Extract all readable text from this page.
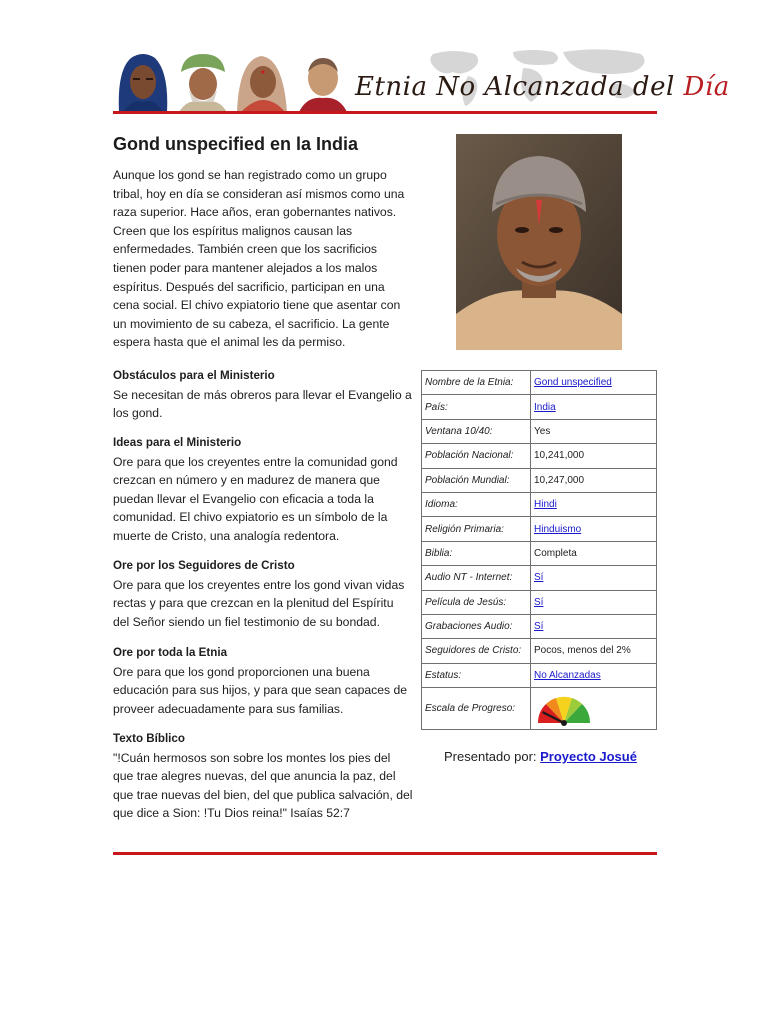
Etnia No Alcanzada del Día
Gond unspecified en la India

Aunque los gond se han registrado como un grupo tribal, hoy en día se consideran así mismos como una raza superior. Hace años, eran gobernantes nativos. Creen que los espíritus malignos causan las enfermedades. También creen que los sacrificios tienen poder para mantener alejados a los malos espíritus. Después del sacrificio, participan en una cena social. El chivo expiatorio tiene que asentar con un movimiento de su cabeza, el sacrificio. La gente espera hasta que el animal les da permiso.

Obstáculos para el Ministerio
Se necesitan de más obreros para llevar el Evangelio a los gond.
Ideas para el Ministerio
Ore para que los creyentes entre la comunidad gond crezcan en número y en madurez de manera que puedan llevar el Evangelio con eficacia a toda la comunidad. El chivo expiatorio es un símbolo de la muerte de Cristo, una analogía redentora.
Ore por los Seguidores de Cristo
Ore para que los creyentes entre los gond vivan vidas rectas y para que crezcan en la plenitud del Espíritu del Señor siendo un fiel testimonio de su bondad.
Ore por toda la Etnia
Ore para que los gond proporcionen una buena educación para sus hijos, y para que sean capaces de proveer adecuadamente para sus familias.
Texto Bíblico
"!Cuán hermosos son sobre los montes los pies del que trae alegres nuevas, del que anuncia la paz, del que trae nuevas del bien, del que publica salvación, del que dice a Sion: !Tu Dios reina!" Isaías 52:7
Nombre de la Etnia:	Gond unspecified
País:	India
Ventana 10/40:	Yes
Población Nacional:	10,241,000
Población Mundial:	10,247,000
Idioma:	Hindi
Religión Primaria:	Hinduismo
Biblia:	Completa
Audio NT - Internet:	Sí
Película de Jesús:	Sí
Grabaciones Audio:	Sí
Seguidores de Cristo:	Pocos, menos del 2%
Estatus:	No Alcanzadas
Escala de Progreso:	
Presentado por: Proyecto Josué
